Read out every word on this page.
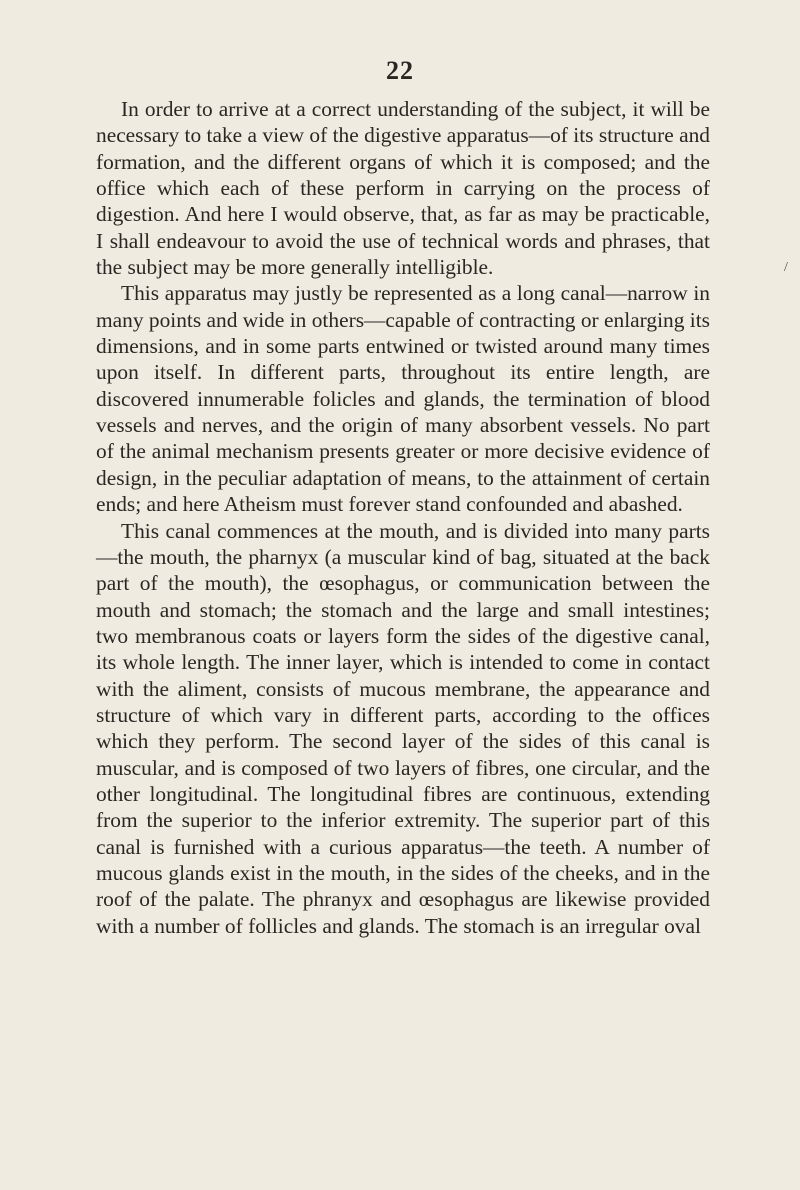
22

In order to arrive at a correct understanding of the subject, it will be necessary to take a view of the digestive apparatus—of its structure and formation, and the different organs of which it is composed; and the office which each of these perform in carrying on the process of digestion. And here I would observe, that, as far as may be practicable, I shall endeavour to avoid the use of technical words and phrases, that the subject may be more generally intelligible.

This apparatus may justly be represented as a long canal—narrow in many points and wide in others—capable of contracting or enlarging its dimensions, and in some parts entwined or twisted around many times upon itself. In different parts, throughout its entire length, are discovered innumerable folicles and glands, the termination of blood vessels and nerves, and the origin of many absorbent vessels. No part of the animal mechanism presents greater or more decisive evidence of design, in the peculiar adaptation of means, to the attainment of certain ends; and here Atheism must forever stand confounded and abashed.

This canal commences at the mouth, and is divided into many parts—the mouth, the pharnyx (a muscular kind of bag, situated at the back part of the mouth), the œsophagus, or communication between the mouth and stomach; the stomach and the large and small intestines; two membranous coats or layers form the sides of the digestive canal, its whole length. The inner layer, which is intended to come in contact with the aliment, consists of mucous membrane, the appearance and structure of which vary in different parts, according to the offices which they perform. The second layer of the sides of this canal is muscular, and is composed of two layers of fibres, one circular, and the other longitudinal. The longitudinal fibres are continuous, extending from the superior to the inferior extremity. The superior part of this canal is furnished with a curious apparatus—the teeth. A number of mucous glands exist in the mouth, in the sides of the cheeks, and in the roof of the palate. The phranyx and œsophagus are likewise provided with a number of follicles and glands. The stomach is an irregular oval

/
